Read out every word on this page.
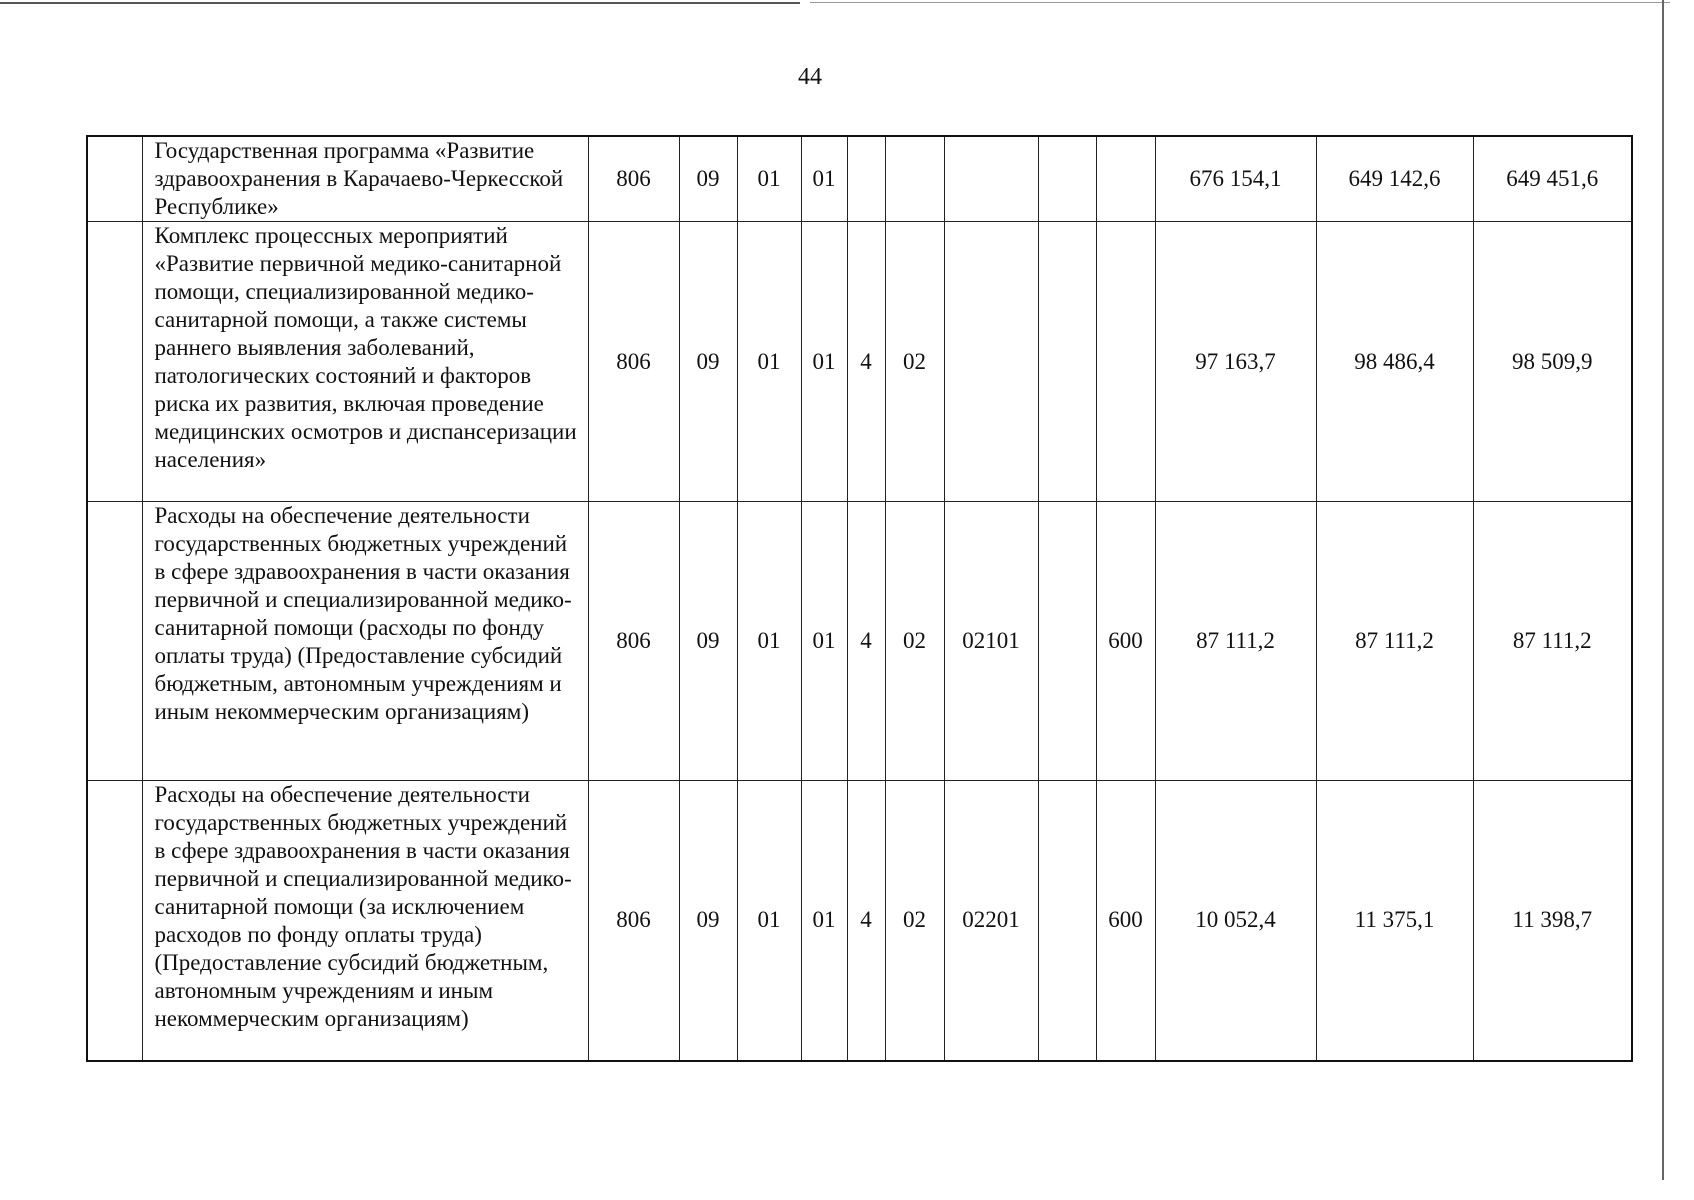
44
	Государственная программа «Развитие здравоохранения в Карачаево-Черкесской Республике»	806	09	01	01						676 154,1	649 142,6	649 451,6
	Комплекс процессных мероприятий «Развитие первичной медико-санитарной помощи, специализированной медико-санитарной помощи, а также системы раннего выявления заболеваний, патологических состояний и факторов риска их развития, включая проведение медицинских осмотров и диспансеризации населения»	806	09	01	01	4	02				97 163,7	98 486,4	98 509,9
	Расходы на обеспечение деятельности государственных бюджетных учреждений в сфере здравоохранения в части оказания первичной и специализированной медико-санитарной помощи (расходы по фонду оплаты труда) (Предоставление субсидий бюджетным, автономным учреждениям и иным некоммерческим организациям)	806	09	01	01	4	02	02101		600	87 111,2	87 111,2	87 111,2
	Расходы на обеспечение деятельности государственных бюджетных учреждений в сфере здравоохранения в части оказания первичной и специализированной медико-санитарной помощи (за исключением расходов по фонду оплаты труда) (Предоставление субсидий бюджетным, автономным учреждениям и иным некоммерческим организациям)	806	09	01	01	4	02	02201		600	10 052,4	11 375,1	11 398,7
